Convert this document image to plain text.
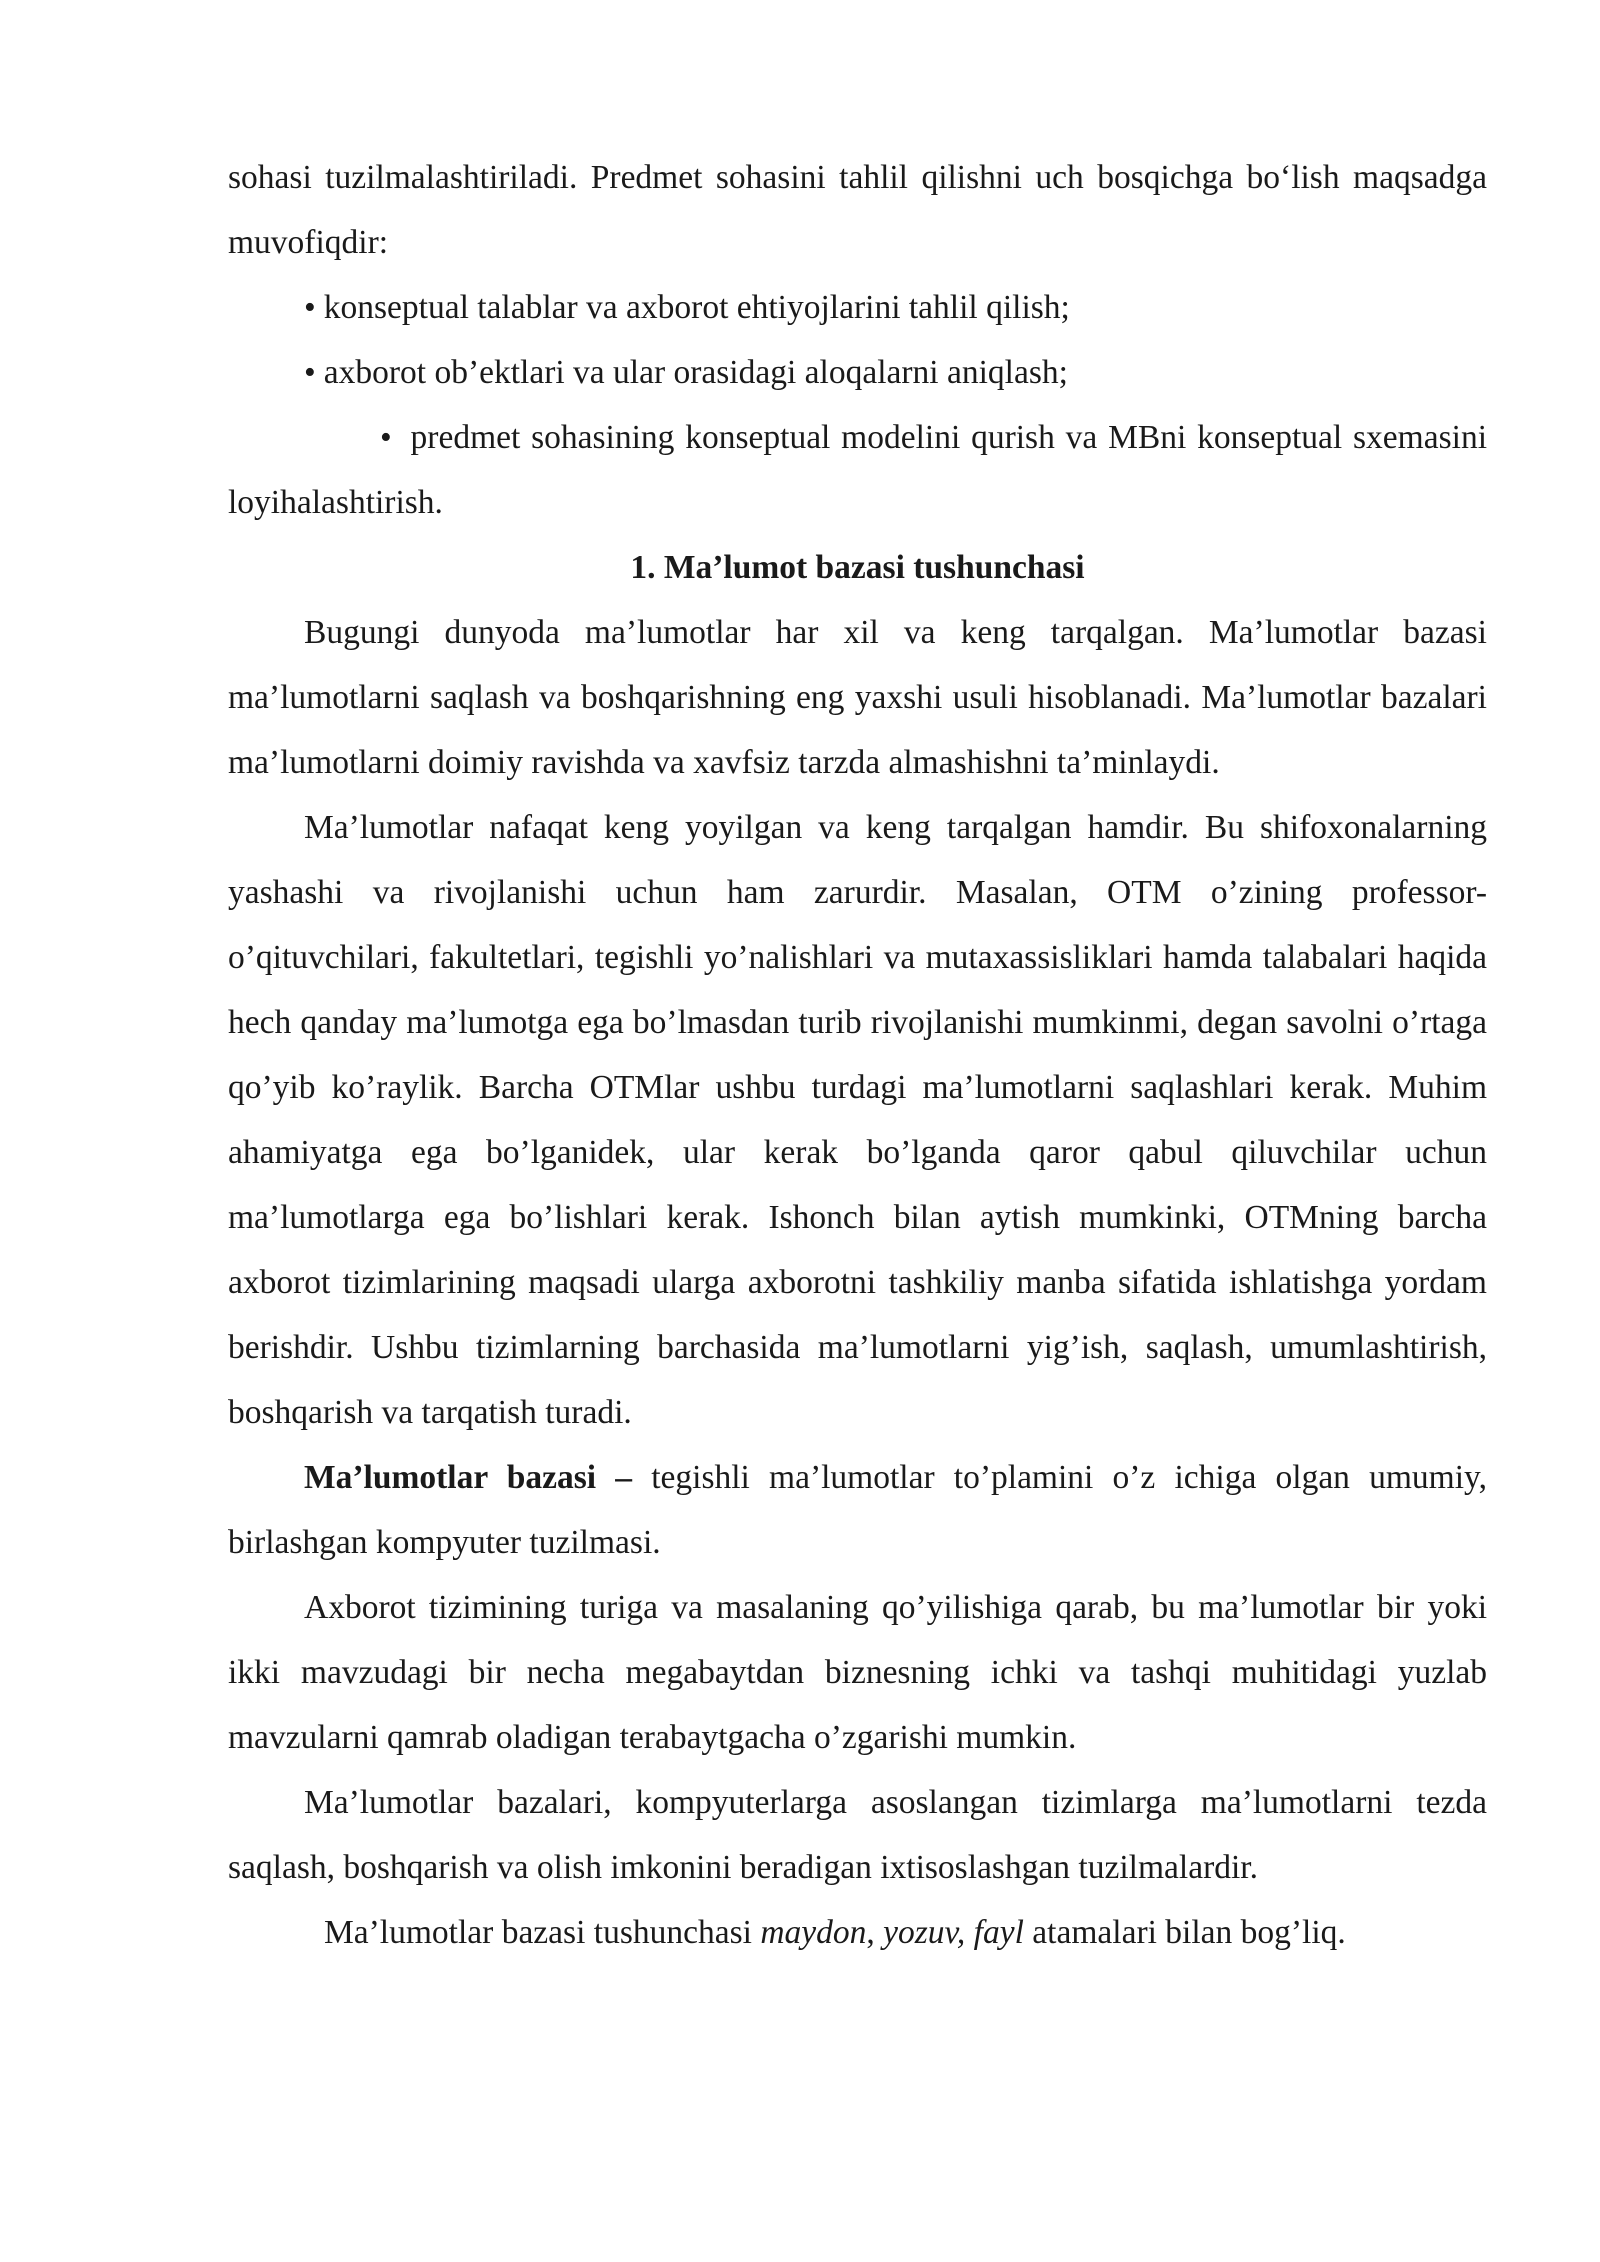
sohasi tuzilmalashtiriladi. Predmet sohasini tahlil qilishni uch bosqichga bo‘lish maqsadga muvofiqdir:

• konseptual talablar va axborot ehtiyojlarini tahlil qilish;

• axborot ob’ektlari va ular orasidagi aloqalarni aniqlash;

• predmet sohasining konseptual modelini qurish va MBni konseptual sxemasini loyihalashtirish.

1. Ma’lumot bazasi tushunchasi

Bugungi dunyoda ma’lumotlar har xil va keng tarqalgan. Ma’lumotlar bazasi ma’lumotlarni saqlash va boshqarishning eng yaxshi usuli hisoblanadi. Ma’lumotlar bazalari ma’lumotlarni doimiy ravishda va xavfsiz tarzda almashishni ta’minlaydi.

Ma’lumotlar nafaqat keng yoyilgan va keng tarqalgan hamdir. Bu shifoxonalarning yashashi va rivojlanishi uchun ham zarurdir. Masalan, OTM o’zining professor-o’qituvchilari, fakultetlari, tegishli yo’nalishlari va mutaxassisliklari hamda talabalari haqida hech qanday ma’lumotga ega bo’lmasdan turib rivojlanishi mumkinmi, degan savolni o’rtaga qo’yib ko’raylik. Barcha OTMlar ushbu turdagi ma’lumotlarni saqlashlari kerak. Muhim ahamiyatga ega bo’lganidek, ular kerak bo’lganda qaror qabul qiluvchilar uchun ma’lumotlarga ega bo’lishlari kerak. Ishonch bilan aytish mumkinki, OTMning barcha axborot tizimlarining maqsadi ularga axborotni tashkiliy manba sifatida ishlatishga yordam berishdir. Ushbu tizimlarning barchasida ma’lumotlarni yig’ish, saqlash, umumlashtirish, boshqarish va tarqatish turadi.

Ma’lumotlar bazasi – tegishli ma’lumotlar to’plamini o’z ichiga olgan umumiy, birlashgan kompyuter tuzilmasi.

Axborot tizimining turiga va masalaning qo’yilishiga qarab, bu ma’lumotlar bir yoki ikki mavzudagi bir necha megabaytdan biznesning ichki va tashqi muhitidagi yuzlab mavzularni qamrab oladigan terabaytgacha o’zgarishi mumkin.

Ma’lumotlar bazalari, kompyuterlarga asoslangan tizimlarga ma’lumotlarni tezda saqlash, boshqarish va olish imkonini beradigan ixtisoslashgan tuzilmalardir.

Ma’lumotlar bazasi tushunchasi maydon, yozuv, fayl atamalari bilan bog’liq.
